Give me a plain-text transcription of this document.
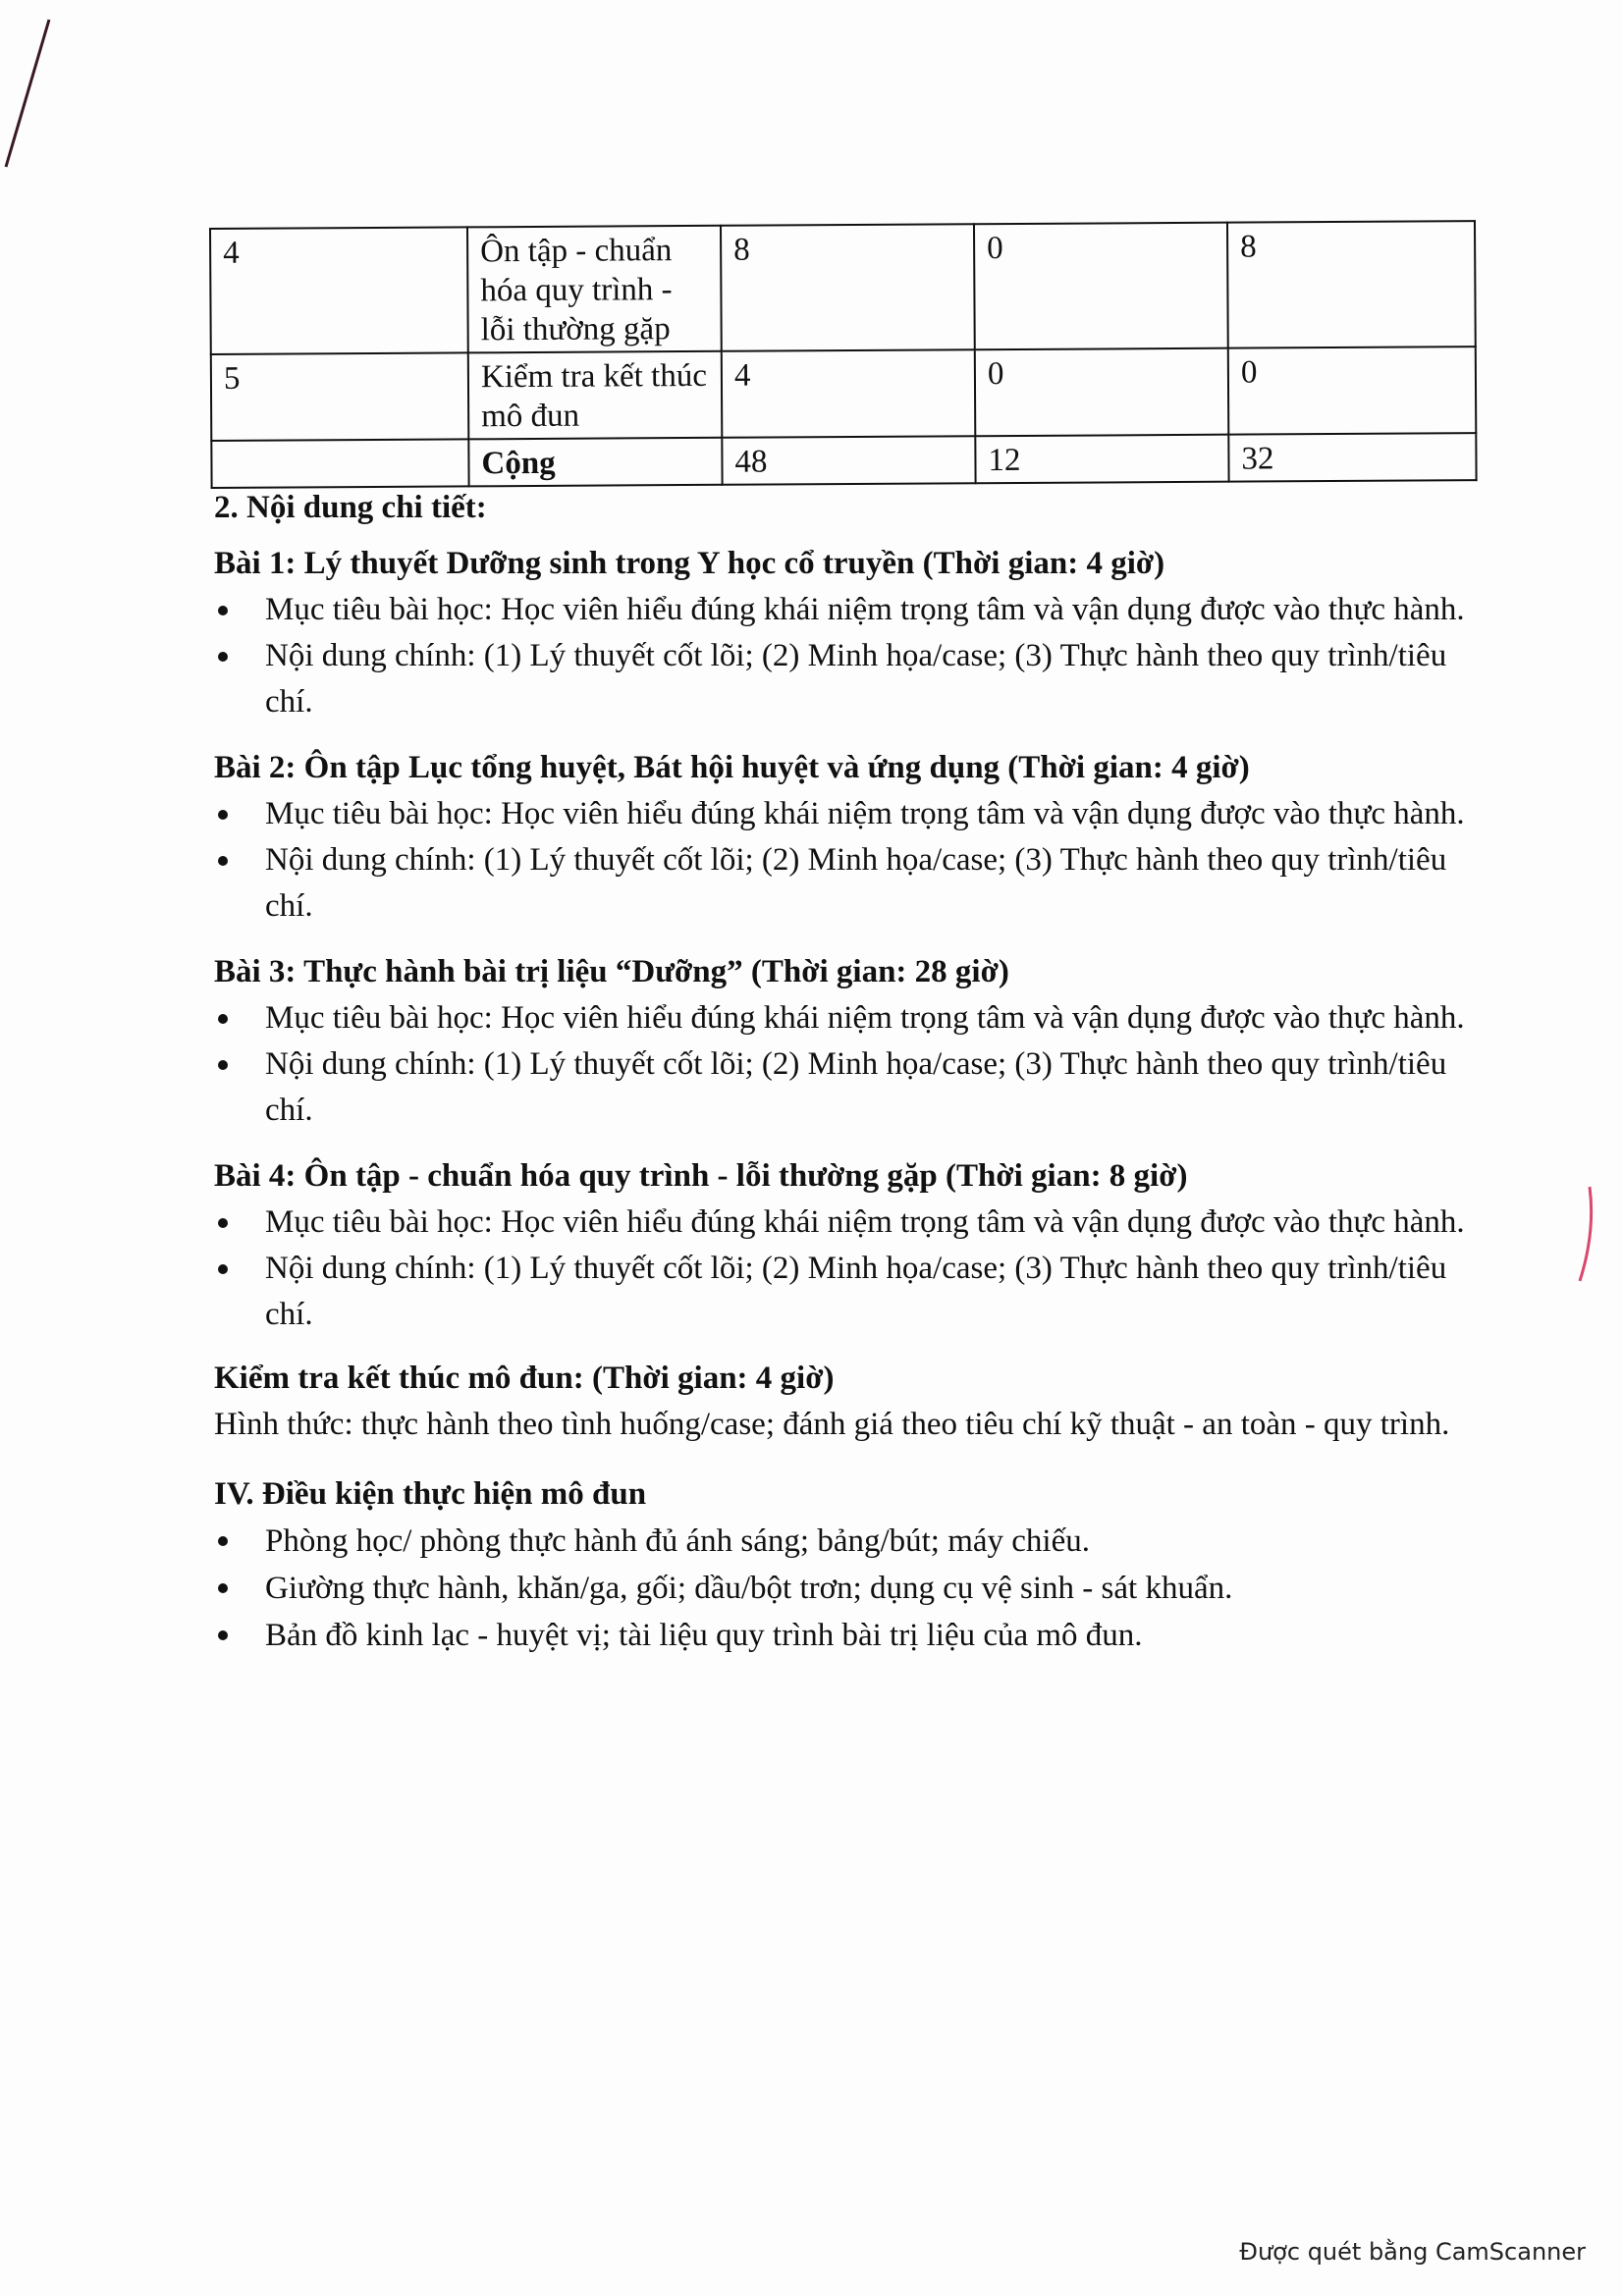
4	Ôn tập - chuẩn hóa quy trình - lỗi thường gặp	8	0	8
5	Kiểm tra kết thúc mô đun	4	0	0
	Cộng	48	12	32

2. Nội dung chi tiết:

Bài 1: Lý thuyết Dưỡng sinh trong Y học cổ truyền (Thời gian: 4 giờ)

Mục tiêu bài học: Học viên hiểu đúng khái niệm trọng tâm và vận dụng được vào thực hành.
Nội dung chính: (1) Lý thuyết cốt lõi; (2) Minh họa/case; (3) Thực hành theo quy trình/tiêu chí.

Bài 2: Ôn tập Lục tổng huyệt, Bát hội huyệt và ứng dụng (Thời gian: 4 giờ)

Mục tiêu bài học: Học viên hiểu đúng khái niệm trọng tâm và vận dụng được vào thực hành.
Nội dung chính: (1) Lý thuyết cốt lõi; (2) Minh họa/case; (3) Thực hành theo quy trình/tiêu chí.

Bài 3: Thực hành bài trị liệu “Dưỡng” (Thời gian: 28 giờ)

Mục tiêu bài học: Học viên hiểu đúng khái niệm trọng tâm và vận dụng được vào thực hành.
Nội dung chính: (1) Lý thuyết cốt lõi; (2) Minh họa/case; (3) Thực hành theo quy trình/tiêu chí.

Bài 4: Ôn tập - chuẩn hóa quy trình - lỗi thường gặp (Thời gian: 8 giờ)

Mục tiêu bài học: Học viên hiểu đúng khái niệm trọng tâm và vận dụng được vào thực hành.
Nội dung chính: (1) Lý thuyết cốt lõi; (2) Minh họa/case; (3) Thực hành theo quy trình/tiêu chí.

Kiểm tra kết thúc mô đun: (Thời gian: 4 giờ)

Hình thức: thực hành theo tình huống/case; đánh giá theo tiêu chí kỹ thuật - an toàn - quy trình.

IV. Điều kiện thực hiện mô đun

Phòng học/ phòng thực hành đủ ánh sáng; bảng/bút; máy chiếu.
Giường thực hành, khăn/ga, gối; dầu/bột trơn; dụng cụ vệ sinh - sát khuẩn.
Bản đồ kinh lạc - huyệt vị; tài liệu quy trình bài trị liệu của mô đun.
Được quét bằng CamScanner
